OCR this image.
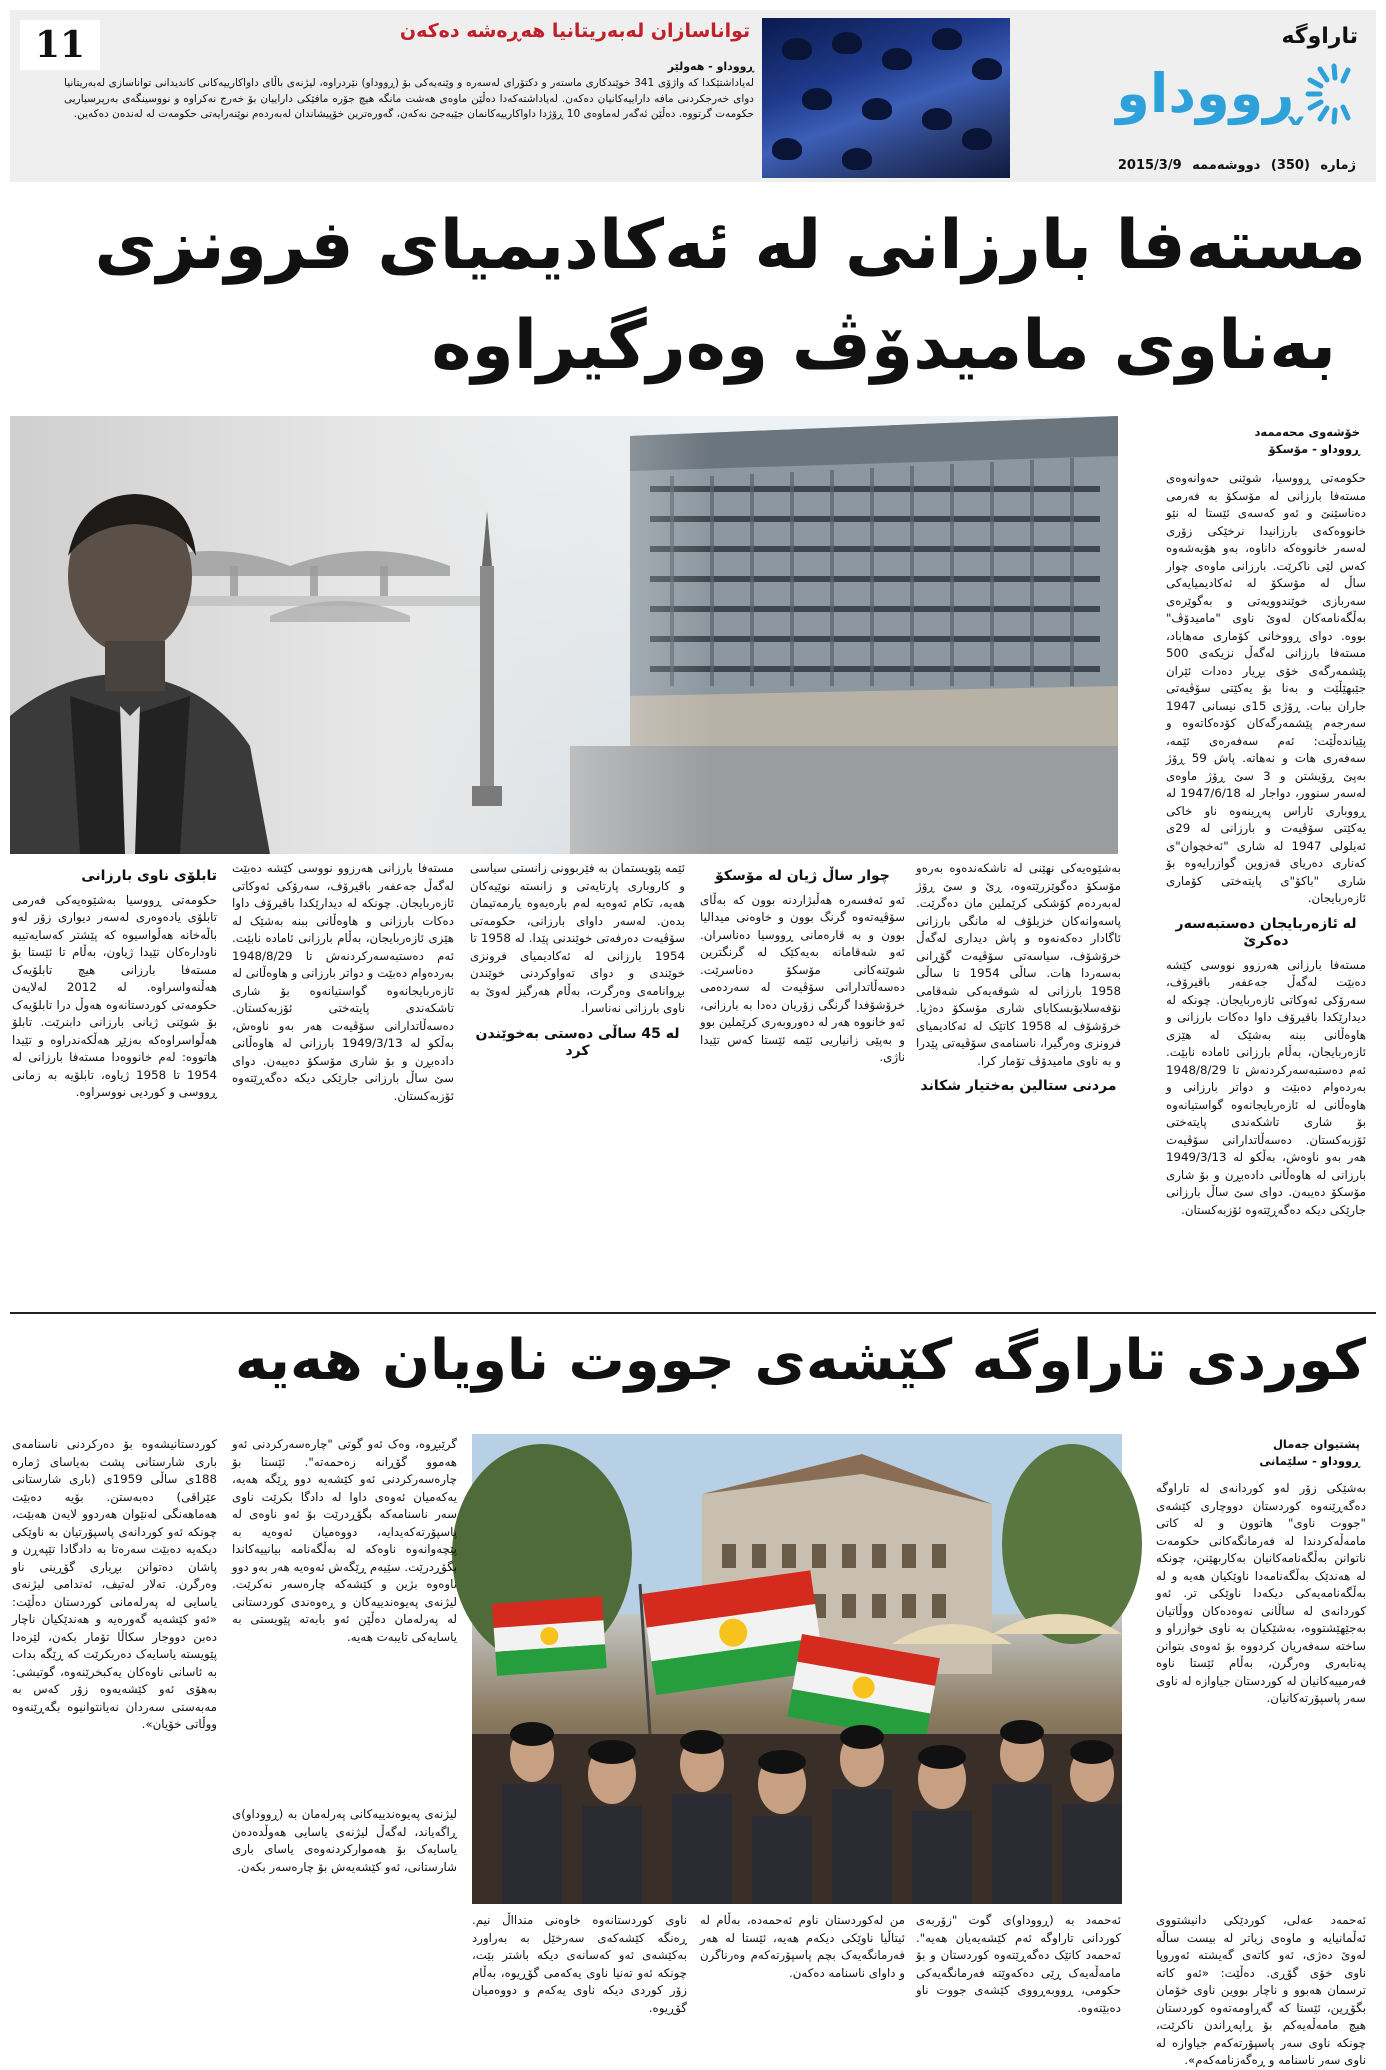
11	تواناسازان لەبەریتانیا هەڕەشە دەکەن
ڕووداو - هەولێر
لەیاداشتێکدا کە واژۆی 341 خوێندکاری ماستەر و دکتۆرای لەسەرە و وێنەیەکی بۆ (ڕووداو) نێردراوە، لیژنەی باڵای داواکارییەکانی کاندیدانی تواناسازی لەبەریتانیا دوای خەرجکردنی مافە داراییەکانیان دەکەن. لەیاداشتەکەدا دەڵێن ماوەی هەشت مانگە هیچ جۆرە مافێکی داراییان بۆ خەرج نەکراوە و نووسینگەی بەرپرسیاریی حکومەت گرتووە. دەڵێن ئەگەر لەماوەی 10 ڕۆژدا داواکارییەکانمان جێبەجێ نەکەن، گەورەترین خۆپیشاندان لەبەردەم نوێنەرایەتی حکومەت لە لەندەن دەکەین.
تاراوگە
ڕووداو
ژمارە (350) دووشەممە 2015/3/9
مستەفا بارزانی لە ئەکادیمیای فرونزی
بەناوی مامیدۆڤ وەرگیراوە
خۆشەوی محەممەد
ڕووداو - مۆسکۆ

حکومەتی ڕووسیا، شوێنی حەوانەوەی مستەفا بارزانی لە مۆسکۆ بە فەرمی دەناسێنێ و ئەو کەسەی ئێستا لە نێو خانووەکەی بارزانیدا نرخێکی زۆری لەسەر خانووەکە داناوە، بەو هۆیەشەوە کەس لێی ناکرێت. بارزانی ماوەی چوار ساڵ لە مۆسکۆ لە ئەکادیمیایەکی سەربازی خوێندوویەتی و بەگوێرەی بەڵگەنامەکان لەوێ ناوی "مامیدۆڤ" بووە. دوای ڕووخانی کۆماری مەهاباد، مستەفا بارزانی لەگەڵ نزیکەی 500 پێشمەرگەی خۆی بڕیار دەدات ئێران جێبهێڵێت و بەنا بۆ یەکێتی سۆڤیەتی جاران ببات. ڕۆژی 15ی نیسانی 1947 سەرجەم پێشمەرگەکان کۆدەکاتەوە و پێیاندەڵێت: ئەم سەفەرەی ئێمە، سەفەری هات و نەهاتە. پاش 59 ڕۆژ بەپێ ڕۆیشتن و 3 سێ ڕۆژ ماوەی لەسەر سنوور، دواجار لە 1947/6/18 لە ڕووباری ئاراس پەڕینەوە ناو خاکی یەکێتی سۆڤیەت و بارزانی لە 29ی ئەیلولی 1947 لە شاری "ئەخچوان"ی کەناری دەریای قەزوین گوازرایەوە بۆ شاری "باکۆ"ی پایتەختی کۆماری ئازەربایجان.

لە ئازەربایجان دەستبەسەر دەکرێ

مستەفا بارزانی هەرزوو نووسی کێشە دەبێت لەگەڵ جەعفەر باقیرۆف، سەرۆکی ئەوکاتی ئازەربایجان. چونکە لە دیدارێکدا باقیرۆف داوا دەکات بارزانی و هاوەڵانی ببنە بەشێک لە هێزی ئازەربایجان، بەڵام بارزانی ئامادە نابێت. ئەم دەستبەسەرکردنەش تا 1948/8/29 بەردەوام دەبێت و دواتر بارزانی و هاوەڵانی لە ئازەربایجانەوە گواستیانەوە بۆ شاری تاشکەندی پایتەختی ئۆزبەکستان. دەسەڵاتدارانی سۆڤیەت هەر بەو ناوەش، بەڵکو لە 1949/3/13 بارزانی لە هاوەڵانی دادەبڕن و بۆ شاری مۆسکۆ دەیبەن. دوای سێ ساڵ بارزانی جارێکی دیکە دەگەڕێتەوە ئۆزبەکستان.

بەشێوەیەکی نهێنی لە تاشکەندەوە بەرەو مۆسکۆ دەگوێزرێتەوە، ڕێ و سێ ڕۆژ لەبەردەم کۆشکی کرێملین مان دەگرێت. پاسەوانەکان خزیلۆف لە مانگی بارزانی ئاگادار دەکەنەوە و پاش دیداری لەگەڵ خرۆشۆف، سیاسەتی سۆڤیەت گۆڕانی بەسەردا هات. ساڵی 1954 تا ساڵی 1958 بارزانی لە شوقەیەکی شەقامی نۆفەسلابۆبسکایای شاری مۆسکۆ دەژیا. خرۆشۆف لە 1958 کاتێک لە ئەکادیمیای فرونزی وەرگیرا، ناسنامەی سۆڤیەتی پێدرا و بە ناوی مامیدۆڤ تۆمار کرا.

مردنی ستالین بەختیار شکاند
چوار ساڵ ژیان لە مۆسکۆ

ئەو ئەفسەرە هەڵبژاردنە بوون کە بەڵای سۆڤیەتەوە گرنگ بوون و خاوەنی میدالیا بوون و بە قارەمانی ڕووسیا دەناسران. ئەو شەقامانە بەیەکێک لە گرنگترین شوێنەکانی مۆسکۆ دەناسرێت. دەسەڵاتدارانی سۆڤیەت لە سەردەمی خرۆشۆفدا گرنگی زۆریان دەدا بە بارزانی، ئەو خانووە هەر لە دەوروبەری کرێملین بوو و بەپێی زانیاریی ئێمە ئێستا کەس تێیدا ناژی.

ئێمە پێویستمان بە فێربوونی زانستی سیاسی و کاروباری پارتایەتی و زانستە نوێیەکان هەیە، تکام ئەوەیە لەم بارەیەوە یارمەتیمان بدەن. لەسەر داوای بارزانی، حکومەتی سۆڤیەت دەرفەتی خوێندنی پێدا. لە 1958 تا 1954 بارزانی لە ئەکادیمیای فرونزی خوێندی و دوای تەواوکردنی خوێندن بڕوانامەی وەرگرت، بەڵام هەرگیز لەوێ بە ناوی بارزانی نەناسرا.

لە 45 ساڵی دەستی بەخوێندن کرد

مستەفا بارزانی هەرزوو نووسی کێشە دەبێت لەگەڵ جەعفەر باقیرۆف، سەرۆکی ئەوکاتی ئازەربایجان. چونکە لە دیدارێکدا باقیرۆف داوا دەکات بارزانی و هاوەڵانی ببنە بەشێک لە هێزی ئازەربایجان، بەڵام بارزانی ئامادە نابێت. ئەم دەستبەسەرکردنەش تا 1948/8/29 بەردەوام دەبێت و دواتر بارزانی و هاوەڵانی لە ئازەربایجانەوە گواستیانەوە بۆ شاری تاشکەندی پایتەختی ئۆزبەکستان. دەسەڵاتدارانی سۆڤیەت هەر بەو ناوەش، بەڵکو لە 1949/3/13 بارزانی لە هاوەڵانی دادەبڕن و بۆ شاری مۆسکۆ دەیبەن. دوای سێ ساڵ بارزانی جارێکی دیکە دەگەڕێتەوە ئۆزبەکستان.

تابلۆی ناوی بارزانی

حکومەتی ڕووسیا بەشێوەیەکی فەرمی تابلۆی یادەوەری لەسەر دیواری زۆر لەو باڵەخانە هەڵواسیوە کە پێشتر کەسایەتییە ناودارەکان تێیدا ژیاون، بەڵام تا ئێستا بۆ مستەفا بارزانی هیچ تابلۆیەک هەڵنەواسراوە. لە 2012 لەلایەن حکومەتی کوردستانەوە هەوڵ درا تابلۆیەک بۆ شوێنی ژیانی بارزانی دابنرێت. تابلۆ هەڵواسراوەکە بەزێڕ هەڵکەندراوە و تێیدا هاتووە: لەم خانووەدا مستەفا بارزانی لە 1954 تا 1958 ژیاوە، تابلۆیە بە زمانی ڕووسی و کوردیی نووسراوە.

کوردی تاراوگە کێشەی جووت ناویان هەیە
پشتیوان جەمال
ڕووداو - سلێمانی

بەشێکی زۆر لەو کوردانەی لە تاراوگە دەگەڕێنەوە کوردستان دووچاری کێشەی "جووت ناوی" هاتوون و لە کاتی مامەڵەکردندا لە فەرمانگەکانی حکومەت ناتوانن بەڵگەنامەکانیان بەکاربهێنن، چونکە لە هەندێک بەڵگەنامەدا ناوێکیان هەیە و لە بەڵگەنامەیەکی دیکەدا ناوێکی تر. ئەو کوردانەی لە ساڵانی نەوەدەکان ووڵاتیان بەجێهێشتووە، بەشێکیان بە ناوی خوازراو و ساختە سەفەریان کردووە بۆ ئەوەی بتوانن پەنابەری وەرگرن، بەڵام ئێستا ناوە فەرمییەکانیان لە کوردستان جیاوازە لە ناوی سەر پاسپۆرتەکانیان.

گرێبڕوە، وەک ئەو گوتی "چارەسەرکردنی ئەو هەموو گۆڕانە زەحمەتە". ئێستا بۆ چارەسەرکردنی ئەو کێشەیە دوو ڕێگە هەیە، یەکەمیان ئەوەی داوا لە دادگا بکرێت ناوی سەر ناسنامەکە بگۆڕدرێت بۆ ئەو ناوەی لە پاسپۆرتەکەیدایە، دووەمیان ئەوەیە بە پێچەوانەوە ناوەکە لە بەڵگەنامە بیانییەکاندا بگۆڕدرێت. سێیەم ڕێگەش ئەوەیە هەر بەو دوو ناوەوە بژین و کێشەکە چارەسەر نەکرێت. لیژنەی پەیوەندییەکان و ڕەوەندی کوردستانی لە پەرلەمان دەڵێن ئەو بابەتە پێویستی بە یاسایەکی تایبەت هەیە.

کوردستانیشەوە بۆ دەرکردنی ناسنامەی باری شارستانی پشت بەیاسای ژمارە 188ی ساڵی 1959ی (باری شارستانی عێراقی) دەبەستن. بۆیە دەبێت هەماهەنگی لەنێوان هەردوو لایەن هەبێت، چونکە ئەو کوردانەی پاسپۆرتیان بە ناوێکی دیکەیە دەبێت سەرەتا بە دادگادا تێپەڕن و پاشان دەتوانن بڕیاری گۆڕینی ناو وەرگرن. تەلار لەتیف، ئەندامی لیژنەی یاسایی لە پەرلەمانی کوردستان دەڵێت: «ئەو کێشەیە گەورەیە و هەندێکیان ناچار دەبن دووجار سکاڵا تۆمار بکەن، لێرەدا پێویستە یاسایەک دەربکرێت کە ڕێگە بدات بە ئاسانی ناوەکان یەکبخرێنەوە، گوتیشی: بەهۆی ئەو کێشەیەوە زۆر کەس بە مەبەستی سەردان نەیانتوانیوە بگەڕێنەوە ووڵاتی خۆیان».

ئەحمەد بە (ڕووداو)ی گوت "زۆربەی کوردانی تاراوگە ئەم کێشەیەیان هەیە". ئەحمەد کاتێک دەگەڕێتەوە کوردستان و بۆ مامەڵەیەک ڕێی دەکەوێتە فەرمانگەیەکی حکومی، ڕووبەڕووی کێشەی جووت ناو دەبێتەوە.

من لەکوردستان ناوم ئەحمەدە، بەڵام لە ئیتاڵیا ناوێکی دیکەم هەیە، ئێستا لە هەر فەرمانگەیەک بچم پاسپۆرتەکەم وەرناگرن و داوای ناسنامە دەکەن.

ناوی کوردستانەوە خاوەنی مندااڵ نیم. ڕەنگە کێشەکەی سەرخێل بە بەراورد بەکێشەی ئەو کەسانەی دیکە باشتر بێت، چونکە ئەو تەنیا ناوی یەکەمی گۆڕیوە، بەڵام زۆر کوردی دیکە ناوی یەکەم و دووەمیان گۆڕیوە.

لیژنەی پەیوەندییەکانی پەرلەمان بە (ڕووداو)ی ڕاگەیاند، لەگەڵ لیژنەی یاسایی هەوڵدەدەن یاسایەک بۆ هەموارکردنەوەی یاسای باری شارستانی، ئەو کێشەیەش بۆ چارەسەر بکەن.

ئەحمەد عەلی، کوردێکی دانیشتووی ئەڵمانیایە و ماوەی زیاتر لە بیست ساڵە لەوێ دەژی، ئەو کاتەی گەیشتە ئەوروپا ناوی خۆی گۆڕی. دەڵێت: «ئەو کاتە ترسمان هەبوو و ناچار بووین ناوی خۆمان بگۆڕین، ئێستا کە گەڕاومەتەوە کوردستان هیچ مامەڵەیەکم بۆ ڕاپەڕاندن ناکرێت، چونکە ناوی سەر پاسپۆرتەکەم جیاوازە لە ناوی سەر ناسنامە و ڕەگەزنامەکەم».
